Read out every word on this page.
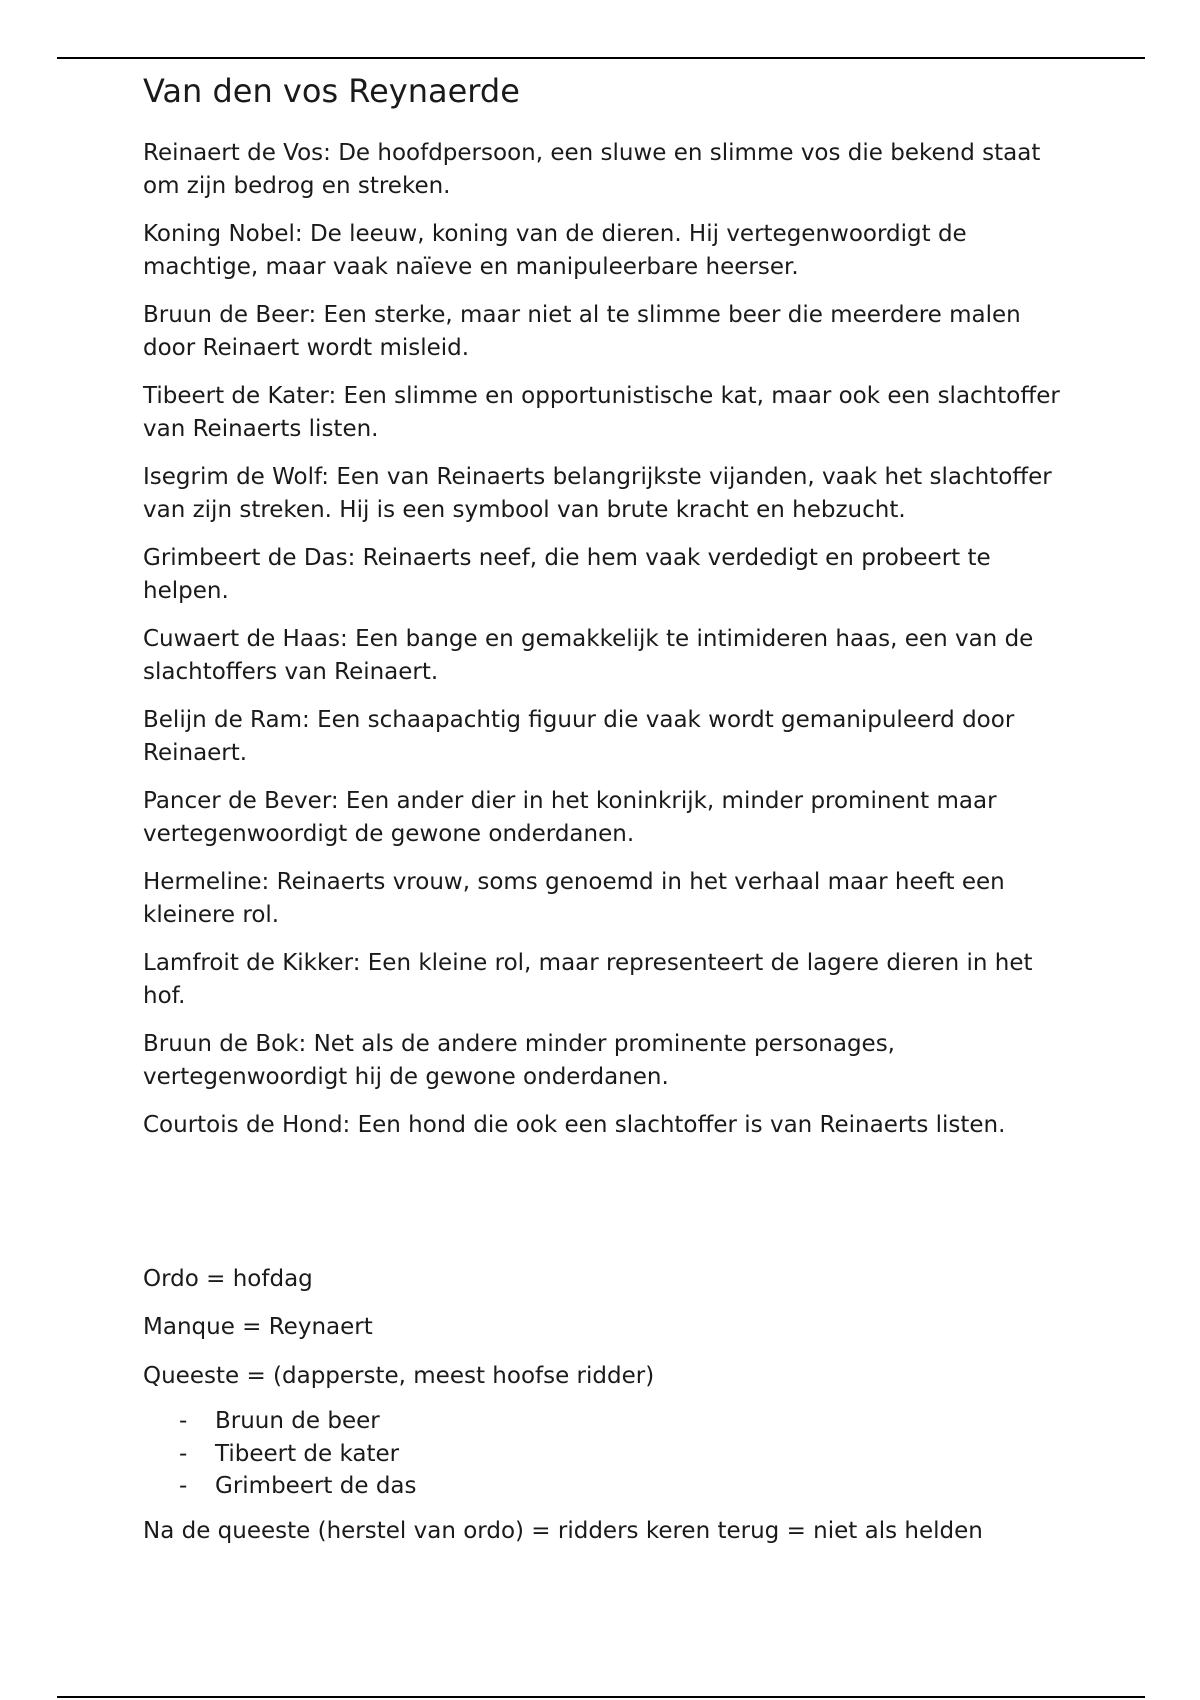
Van den vos Reynaerde

Reinaert de Vos: De hoofdpersoon, een sluwe en slimme vos die bekend staat om zijn bedrog en streken.

Koning Nobel: De leeuw, koning van de dieren. Hij vertegenwoordigt de machtige, maar vaak naïeve en manipuleerbare heerser.

Bruun de Beer: Een sterke, maar niet al te slimme beer die meerdere malen door Reinaert wordt misleid.

Tibeert de Kater: Een slimme en opportunistische kat, maar ook een slachtoffer van Reinaerts listen.

Isegrim de Wolf: Een van Reinaerts belangrijkste vijanden, vaak het slachtoffer van zijn streken. Hij is een symbool van brute kracht en hebzucht.

Grimbeert de Das: Reinaerts neef, die hem vaak verdedigt en probeert te helpen.

Cuwaert de Haas: Een bange en gemakkelijk te intimideren haas, een van de slachtoffers van Reinaert.

Belijn de Ram: Een schaapachtig figuur die vaak wordt gemanipuleerd door Reinaert.

Pancer de Bever: Een ander dier in het koninkrijk, minder prominent maar vertegenwoordigt de gewone onderdanen.

Hermeline: Reinaerts vrouw, soms genoemd in het verhaal maar heeft een kleinere rol.

Lamfroit de Kikker: Een kleine rol, maar representeert de lagere dieren in het hof.

Bruun de Bok: Net als de andere minder prominente personages, vertegenwoordigt hij de gewone onderdanen.

Courtois de Hond: Een hond die ook een slachtoffer is van Reinaerts listen.

Ordo = hofdag

Manque = Reynaert

Queeste = (dapperste, meest hoofse ridder)

-	Bruun de beer
-	Tibeert de kater
-	Grimbeert de das

Na de queeste (herstel van ordo) = ridders keren terug = niet als helden
